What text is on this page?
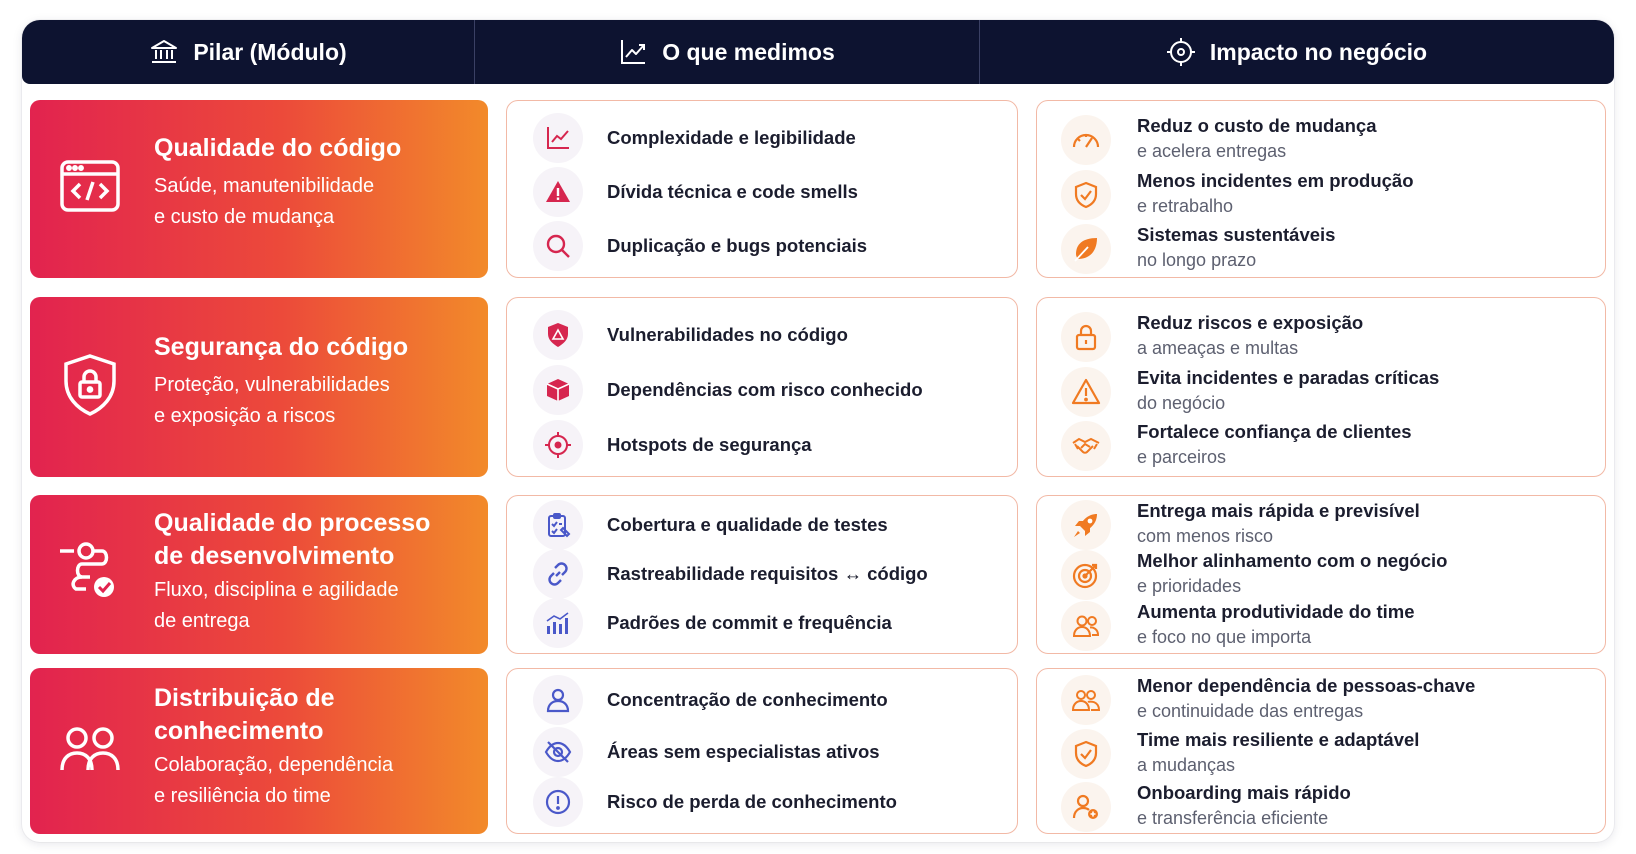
Pilar (Módulo)	O que medimos	Impacto no negócio
Qualidade do código
Saúde, manutenibilidade
e custo de mudança
Complexidade e legibilidade
Dívida técnica e code smells
Duplicação e bugs potenciais
Reduz o custo de mudança
e acelera entregas
Menos incidentes em produção
e retrabalho
Sistemas sustentáveis
no longo prazo
Segurança do código
Proteção, vulnerabilidades
e exposição a riscos
Vulnerabilidades no código
Dependências com risco conhecido
Hotspots de segurança
Reduz riscos e exposição
a ameaças e multas
Evita incidentes e paradas críticas
do negócio
Fortalece confiança de clientes
e parceiros
Qualidade do processo de desenvolvimento
Fluxo, disciplina e agilidade
de entrega
Cobertura e qualidade de testes
Rastreabilidade requisitos ↔ código
Padrões de commit e frequência
Entrega mais rápida e previsível
com menos risco
Melhor alinhamento com o negócio
e prioridades
Aumenta produtividade do time
e foco no que importa
Distribuição de conhecimento
Colaboração, dependência
e resiliência do time
Concentração de conhecimento
Áreas sem especialistas ativos
Risco de perda de conhecimento
Menor dependência de pessoas-chave
e continuidade das entregas
Time mais resiliente e adaptável
a mudanças
Onboarding mais rápido
e transferência eficiente
